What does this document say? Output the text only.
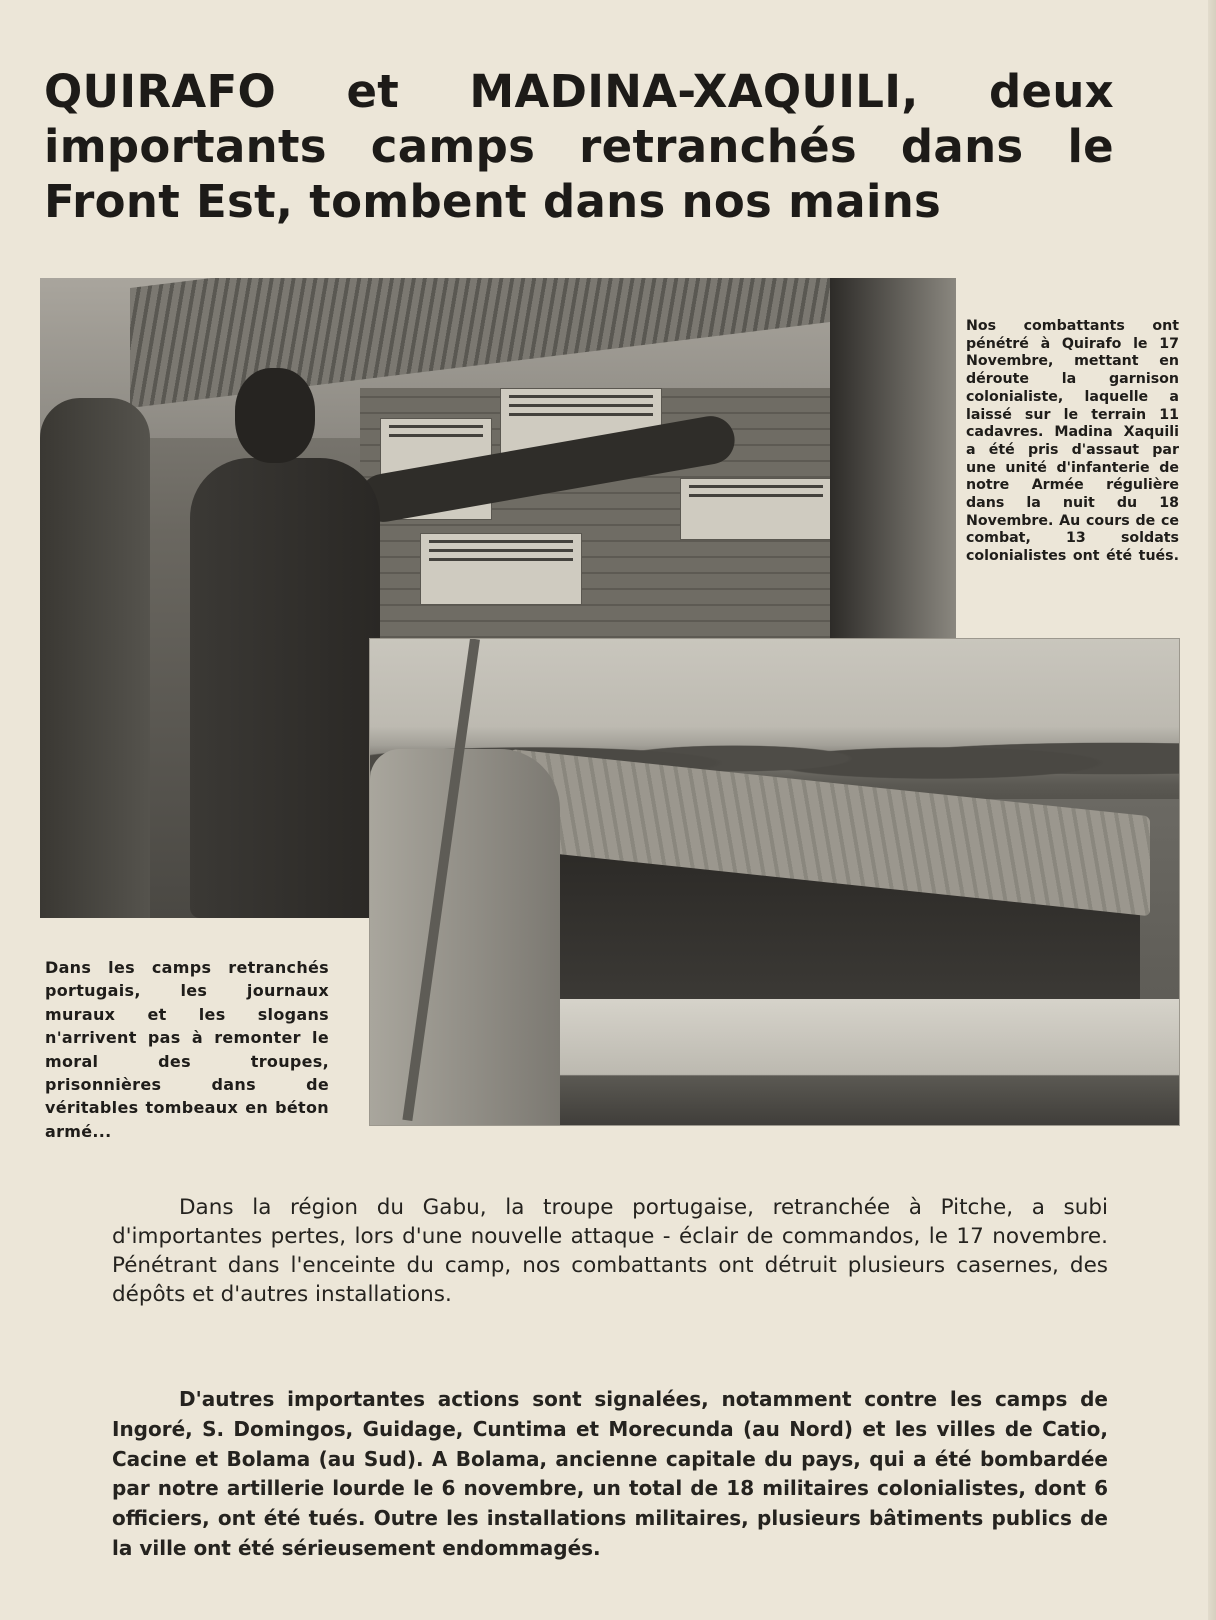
QUIRAFO et MADINA-XAQUILI, deux importants camps retranchés dans le Front Est, tombent dans nos mains

Nos combattants ont pénétré à Quirafo le 17 Novembre, mettant en déroute la garnison colonialiste, laquelle a laissé sur le terrain 11 cadavres. Madina Xaquili a été pris d'assaut par une unité d'infanterie de notre Armée régulière dans la nuit du 18 Novembre. Au cours de ce combat, 13 soldats colonialistes ont été tués.

Dans les camps retranchés portugais, les journaux muraux et les slogans n'arrivent pas à remonter le moral des troupes, prisonnières dans de véritables tombeaux en béton armé...

Dans la région du Gabu, la troupe portugaise, retranchée à Pitche, a subi d'importantes pertes, lors d'une nouvelle attaque - éclair de commandos, le 17 novembre. Pénétrant dans l'enceinte du camp, nos combattants ont détruit plusieurs casernes, des dépôts et d'autres installations.

D'autres importantes actions sont signalées, notamment contre les camps de Ingoré, S. Domingos, Guidage, Cuntima et Morecunda (au Nord) et les villes de Catio, Cacine et Bolama (au Sud). A Bolama, ancienne capitale du pays, qui a été bombardée par notre artillerie lourde le 6 novembre, un total de 18 militaires colonialistes, dont 6 officiers, ont été tués. Outre les installations militaires, plusieurs bâtiments publics de la ville ont été sérieusement endommagés.
